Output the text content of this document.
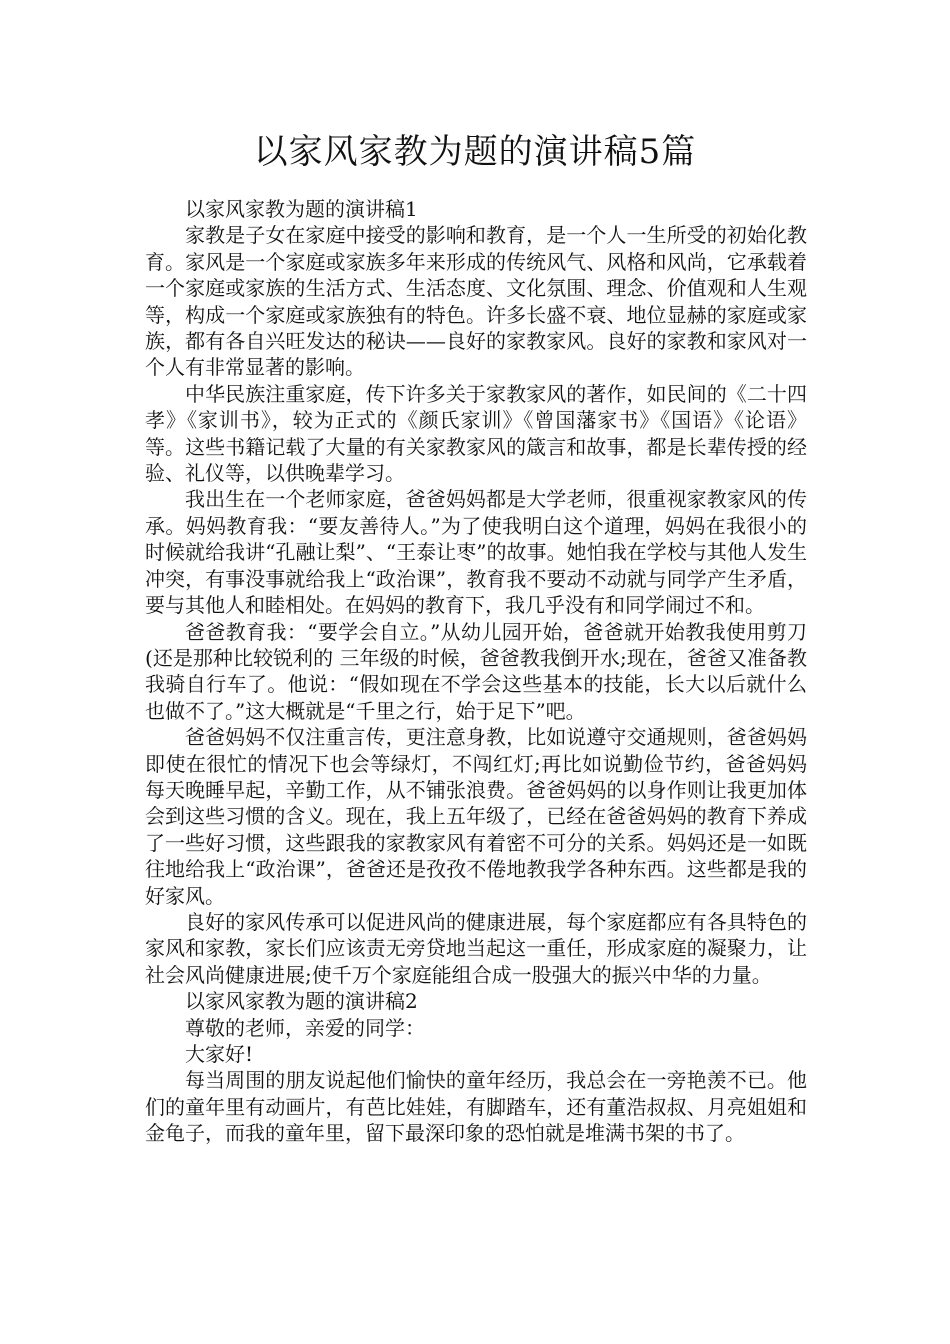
以家风家教为题的演讲稿5篇

以家风家教为题的演讲稿1

家教是子女在家庭中接受的影响和教育，是一个人一生所受的初始化教育。家风是一个家庭或家族多年来形成的传统风气、风格和风尚，它承载着一个家庭或家族的生活方式、生活态度、文化氛围、理念、价值观和人生观等，构成一个家庭或家族独有的特色。许多长盛不衰、地位显赫的家庭或家族，都有各自兴旺发达的秘诀——良好的家教家风。良好的家教和家风对一个人有非常显著的影响。

中华民族注重家庭，传下许多关于家教家风的著作，如民间的《二十四孝》《家训书》，较为正式的《颜氏家训》《曾国藩家书》《国语》《论语》等。这些书籍记载了大量的有关家教家风的箴言和故事，都是长辈传授的经验、礼仪等，以供晚辈学习。

我出生在一个老师家庭，爸爸妈妈都是大学老师，很重视家教家风的传承。妈妈教育我：“要友善待人。”为了使我明白这个道理，妈妈在我很小的时候就给我讲“孔融让梨”、“王泰让枣”的故事。她怕我在学校与其他人发生冲突，有事没事就给我上“政治课”，教育我不要动不动就与同学产生矛盾，要与其他人和睦相处。在妈妈的教育下，我几乎没有和同学闹过不和。

爸爸教育我：“要学会自立。”从幼儿园开始，爸爸就开始教我使用剪刀(还是那种比较锐利的 三年级的时候，爸爸教我倒开水;现在，爸爸又准备教我骑自行车了。他说：“假如现在不学会这些基本的技能，长大以后就什么也做不了。”这大概就是“千里之行，始于足下”吧。

爸爸妈妈不仅注重言传，更注意身教，比如说遵守交通规则，爸爸妈妈即使在很忙的情况下也会等绿灯，不闯红灯;再比如说勤俭节约，爸爸妈妈每天晚睡早起，辛勤工作，从不铺张浪费。爸爸妈妈的以身作则让我更加体会到这些习惯的含义。现在，我上五年级了，已经在爸爸妈妈的教育下养成了一些好习惯，这些跟我的家教家风有着密不可分的关系。妈妈还是一如既往地给我上“政治课”，爸爸还是孜孜不倦地教我学各种东西。这些都是我的好家风。

良好的家风传承可以促进风尚的健康进展，每个家庭都应有各具特色的家风和家教，家长们应该责无旁贷地当起这一重任，形成家庭的凝聚力，让社会风尚健康进展;使千万个家庭能组合成一股强大的振兴中华的力量。

以家风家教为题的演讲稿2

尊敬的老师，亲爱的同学：

大家好!

每当周围的朋友说起他们愉快的童年经历，我总会在一旁艳羡不已。他们的童年里有动画片，有芭比娃娃，有脚踏车，还有董浩叔叔、月亮姐姐和金龟子，而我的童年里，留下最深印象的恐怕就是堆满书架的书了。
